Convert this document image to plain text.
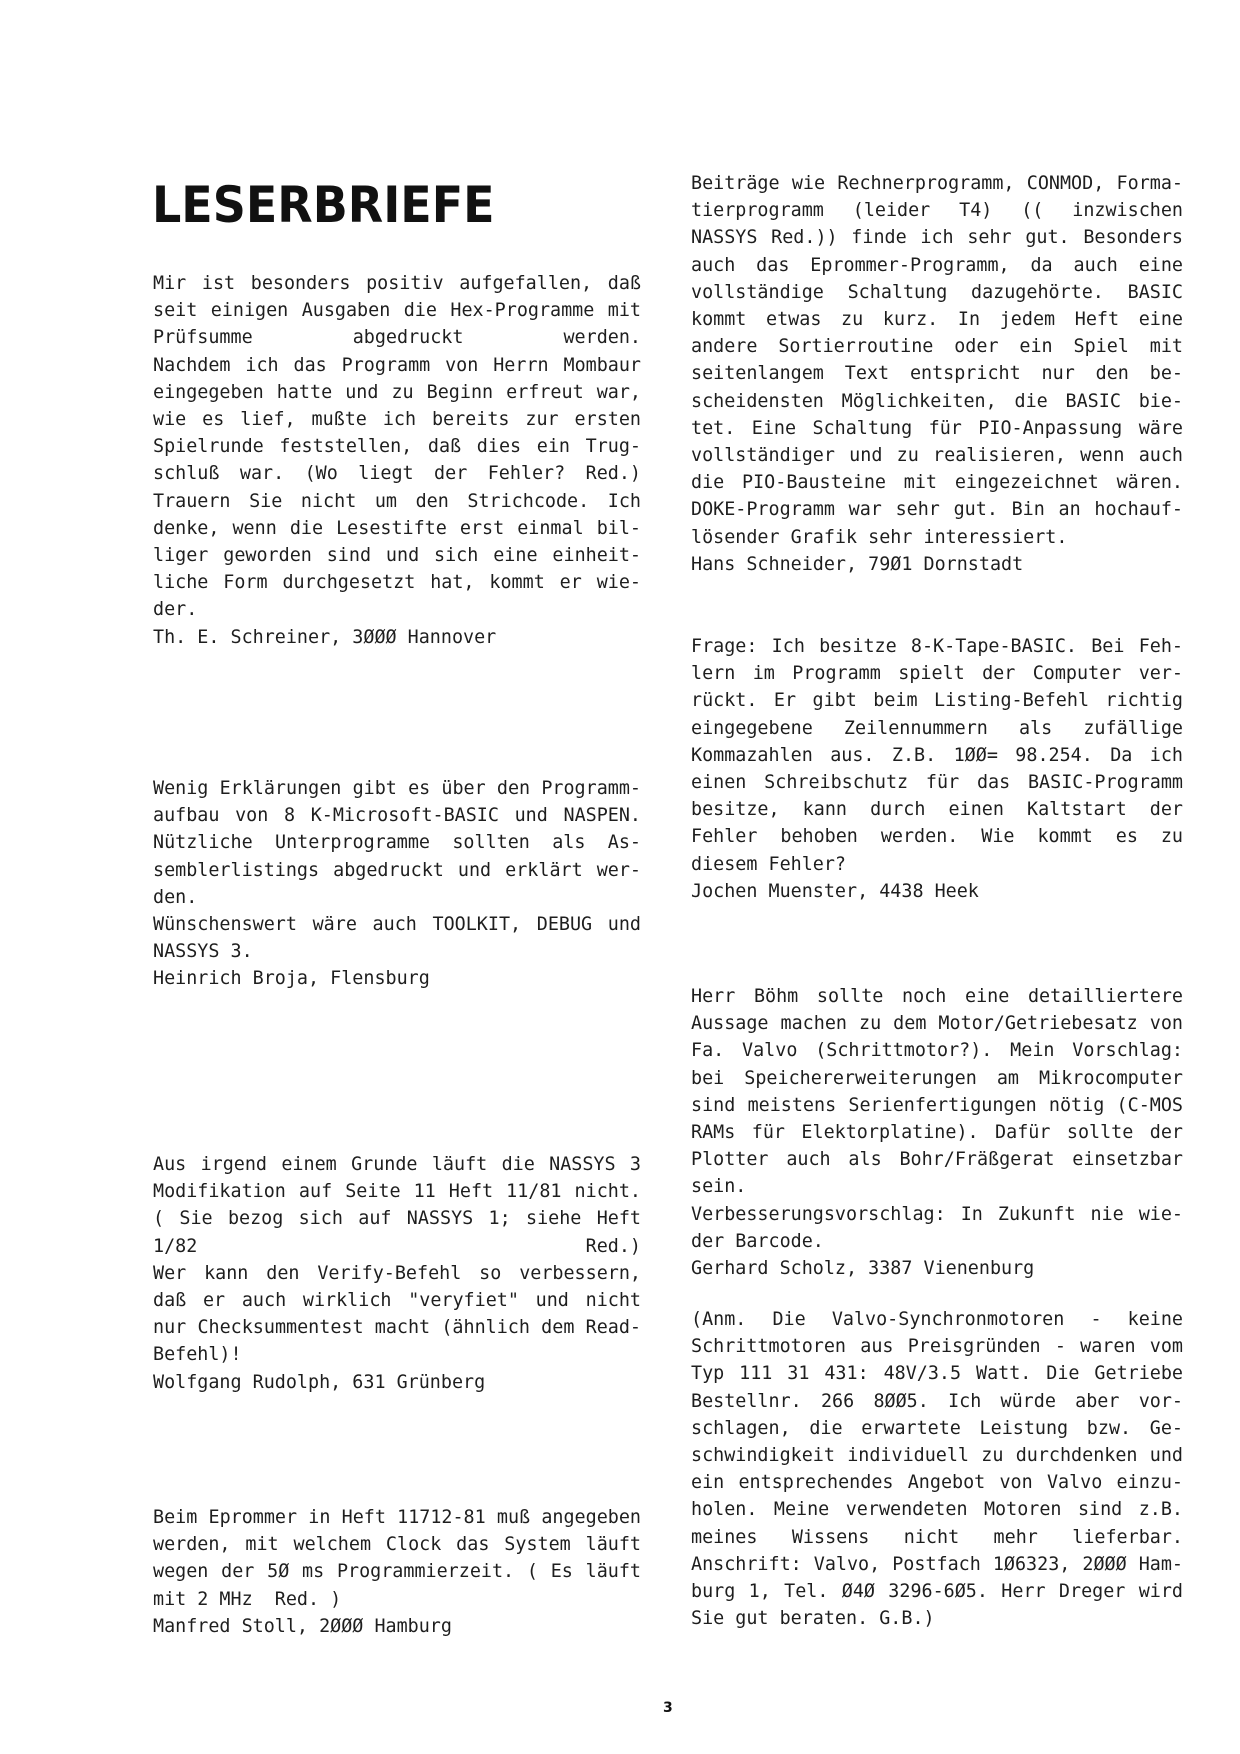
LESERBRIEFE
Mir ist besonders positiv aufgefallen, daß
seit einigen Ausgaben die Hex-Programme mit
Prüfsumme abgedruckt werden.
Nachdem ich das Programm von Herrn Mombaur
eingegeben hatte und zu Beginn erfreut war,
wie es lief, mußte ich bereits zur ersten
Spielrunde feststellen, daß dies ein Trug-
schluß war. (Wo liegt der Fehler? Red.)
Trauern Sie nicht um den Strichcode. Ich
denke, wenn die Lesestifte erst einmal bil-
liger geworden sind und sich eine einheit-
liche Form durchgesetzt hat, kommt er wie-
der.
Th. E. Schreiner, 3ØØØ Hannover
Wenig Erklärungen gibt es über den Programm-
aufbau von 8 K-Microsoft-BASIC und NASPEN.
Nützliche Unterprogramme sollten als As-
semblerlistings abgedruckt und erklärt wer-
den.
Wünschenswert wäre auch TOOLKIT, DEBUG und
NASSYS 3.
Heinrich Broja, Flensburg
Aus irgend einem Grunde läuft die NASSYS 3
Modifikation auf Seite 11 Heft 11/81 nicht.
( Sie bezog sich auf NASSYS 1; siehe Heft
1/82 Red.)
Wer kann den Verify-Befehl so verbessern,
daß er auch wirklich "veryfiet" und nicht
nur Checksummentest macht (ähnlich dem Read-
Befehl)!
Wolfgang Rudolph, 631 Grünberg
Beim Eprommer in Heft 11712-81 muß angegeben
werden, mit welchem Clock das System läuft
wegen der 5Ø ms Programmierzeit. ( Es läuft
mit 2 MHz  Red. )
Manfred Stoll, 2ØØØ Hamburg
Beiträge wie Rechnerprogramm, CONMOD, Forma-
tierprogramm (leider T4) (( inzwischen
NASSYS Red.)) finde ich sehr gut. Besonders
auch das Eprommer-Programm, da auch eine
vollständige Schaltung dazugehörte. BASIC
kommt etwas zu kurz. In jedem Heft eine
andere Sortierroutine oder ein Spiel mit
seitenlangem Text entspricht nur den be-
scheidensten Möglichkeiten, die BASIC bie-
tet. Eine Schaltung für PIO-Anpassung wäre
vollständiger und zu realisieren, wenn auch
die PIO-Bausteine mit eingezeichnet wären.
DOKE-Programm war sehr gut. Bin an hochauf-
lösender Grafik sehr interessiert.
Hans Schneider, 79Ø1 Dornstadt
Frage: Ich besitze 8-K-Tape-BASIC. Bei Feh-
lern im Programm spielt der Computer ver-
rückt. Er gibt beim Listing-Befehl richtig
eingegebene Zeilennummern als zufällige
Kommazahlen aus. Z.B. 1ØØ= 98.254. Da ich
einen Schreibschutz für das BASIC-Programm
besitze, kann durch einen Kaltstart der
Fehler behoben werden. Wie kommt es zu
diesem Fehler?
Jochen Muenster, 4438 Heek
Herr Böhm sollte noch eine detailliertere
Aussage machen zu dem Motor/Getriebesatz von
Fa. Valvo (Schrittmotor?). Mein Vorschlag:
bei Speichererweiterungen am Mikrocomputer
sind meistens Serienfertigungen nötig (C-MOS
RAMs für Elektorplatine). Dafür sollte der
Plotter auch als Bohr/Fräßgerat einsetzbar
sein.
Verbesserungsvorschlag: In Zukunft nie wie-
der Barcode.
Gerhard Scholz, 3387 Vienenburg
(Anm. Die Valvo-Synchronmotoren - keine
Schrittmotoren aus Preisgründen - waren vom
Typ 111 31 431: 48V/3.5 Watt. Die Getriebe
Bestellnr. 266 8ØØ5. Ich würde aber vor-
schlagen, die erwartete Leistung bzw. Ge-
schwindigkeit individuell zu durchdenken und
ein entsprechendes Angebot von Valvo einzu-
holen. Meine verwendeten Motoren sind z.B.
meines Wissens nicht mehr lieferbar.
Anschrift: Valvo, Postfach 1Ø6323, 2ØØØ Ham-
burg 1, Tel. Ø4Ø 3296-6Ø5. Herr Dreger wird
Sie gut beraten. G.B.)
3
